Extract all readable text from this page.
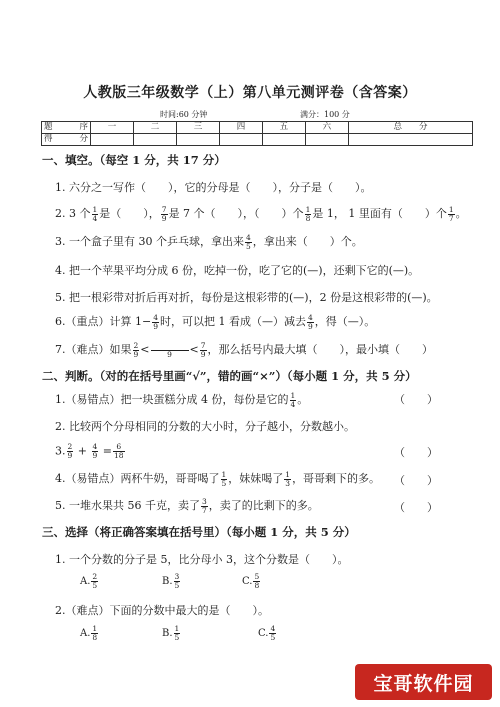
人教版三年级数学（上）第八单元测评卷（含答案）
时间:60 分钟	满分：100 分
题　　序	一	二	三	四	五	六	总　　分
得　分							
一、填空。（每空 1 分，共 17 分）
1. 六分之一写作（　　），它的分母是（　　），分子是（　　）。
2. 3 个 $\frac{1}{4}$ 是（　　）， $\frac{7}{9}$ 是 7 个（　　），（　　）个 $\frac{1}{8}$ 是 1， 1 里面有（　　）个 $\frac{1}{7}$ 。
3. 一个盒子里有 30 个乒乓球，拿出来 $\frac{4}{5}$ ，拿出来（　　）个。
4. 把一个苹果平均分成 6 份，吃掉一份，吃了它的(—)，还剩下它的(—)。
5. 把一根彩带对折后再对折，每份是这根彩带的(—)，2 份是这根彩带的(—)。
6.（重点）计算 $1- \frac{4}{9}$ 时，可以把 1 看成（—）减去 $\frac{4}{9}$ ，得（—）。
7.（难点）如果 $\frac{2}{9}$ <
	9	< $\frac{7}{9}$ ，那么括号内最大填（　　），最小填（　　）
二、判断。（对的在括号里画“√”，错的画“×”）（每小题 1 分，共 5 分）
1.（易错点）把一块蛋糕分成 4 份，每份是它的 $\frac{1}{4}$ 。	（　　）
2. 比较两个分母相同的分数的大小时，分子越小，分数越小。
3. $\frac{2}{9} + \frac{4}{9} = \frac{6}{18}$	（　　）
4.（易错点）两杯牛奶，哥哥喝了 $\frac{1}{5}$ ，妹妹喝了 $\frac{1}{3}$ ，哥哥剩下的多。 （　　）
5. 一堆水果共 56 千克，卖了 $\frac{3}{7}$ ，卖了的比剩下的多。	（　　）
三、选择（将正确答案填在括号里）（每小题 1 分，共 5 分）
1. 一个分数的分子是 5，比分母小 3，这个分数是（　　）。
A. $\frac{2}{5}$	B. $\frac{3}{5}$	C. $\frac{5}{8}$
2.（难点）下面的分数中最大的是（　　）。
A. $\frac{1}{8}$	B. $\frac{1}{5}$	C. $\frac{4}{5}$
宝哥软件园
